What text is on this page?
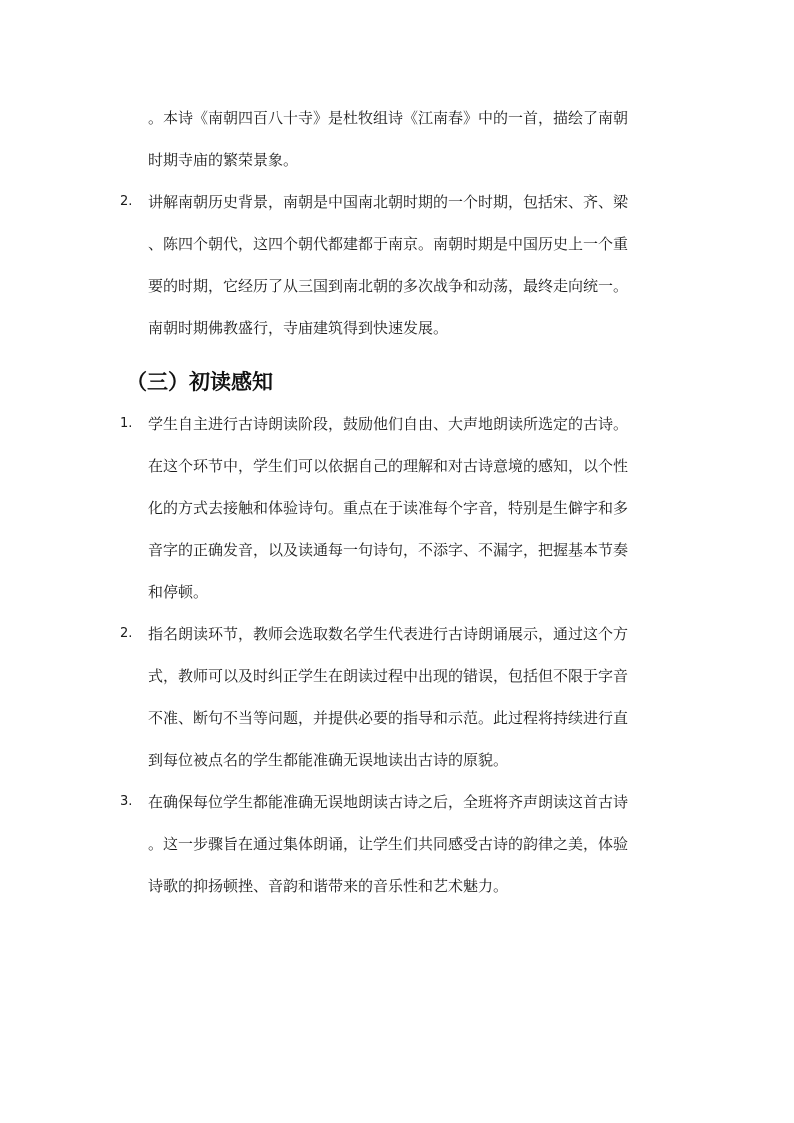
。本诗《南朝四百八十寺》是杜牧组诗《江南春》中的一首，描绘了南朝
时期寺庙的繁荣景象。
2. 讲解南朝历史背景，南朝是中国南北朝时期的一个时期，包括宋、齐、梁
、陈四个朝代，这四个朝代都建都于南京。南朝时期是中国历史上一个重
要的时期，它经历了从三国到南北朝的多次战争和动荡，最终走向统一。
南朝时期佛教盛行，寺庙建筑得到快速发展。
（三）初读感知
1. 学生自主进行古诗朗读阶段，鼓励他们自由、大声地朗读所选定的古诗。
在这个环节中，学生们可以依据自己的理解和对古诗意境的感知，以个性
化的方式去接触和体验诗句。重点在于读准每个字音，特别是生僻字和多
音字的正确发音，以及读通每一句诗句，不添字、不漏字，把握基本节奏
和停顿。
2. 指名朗读环节，教师会选取数名学生代表进行古诗朗诵展示，通过这个方
式，教师可以及时纠正学生在朗读过程中出现的错误，包括但不限于字音
不准、断句不当等问题，并提供必要的指导和示范。此过程将持续进行直
到每位被点名的学生都能准确无误地读出古诗的原貌。
3. 在确保每位学生都能准确无误地朗读古诗之后，全班将齐声朗读这首古诗
。这一步骤旨在通过集体朗诵，让学生们共同感受古诗的韵律之美，体验
诗歌的抑扬顿挫、音韵和谐带来的音乐性和艺术魅力。
